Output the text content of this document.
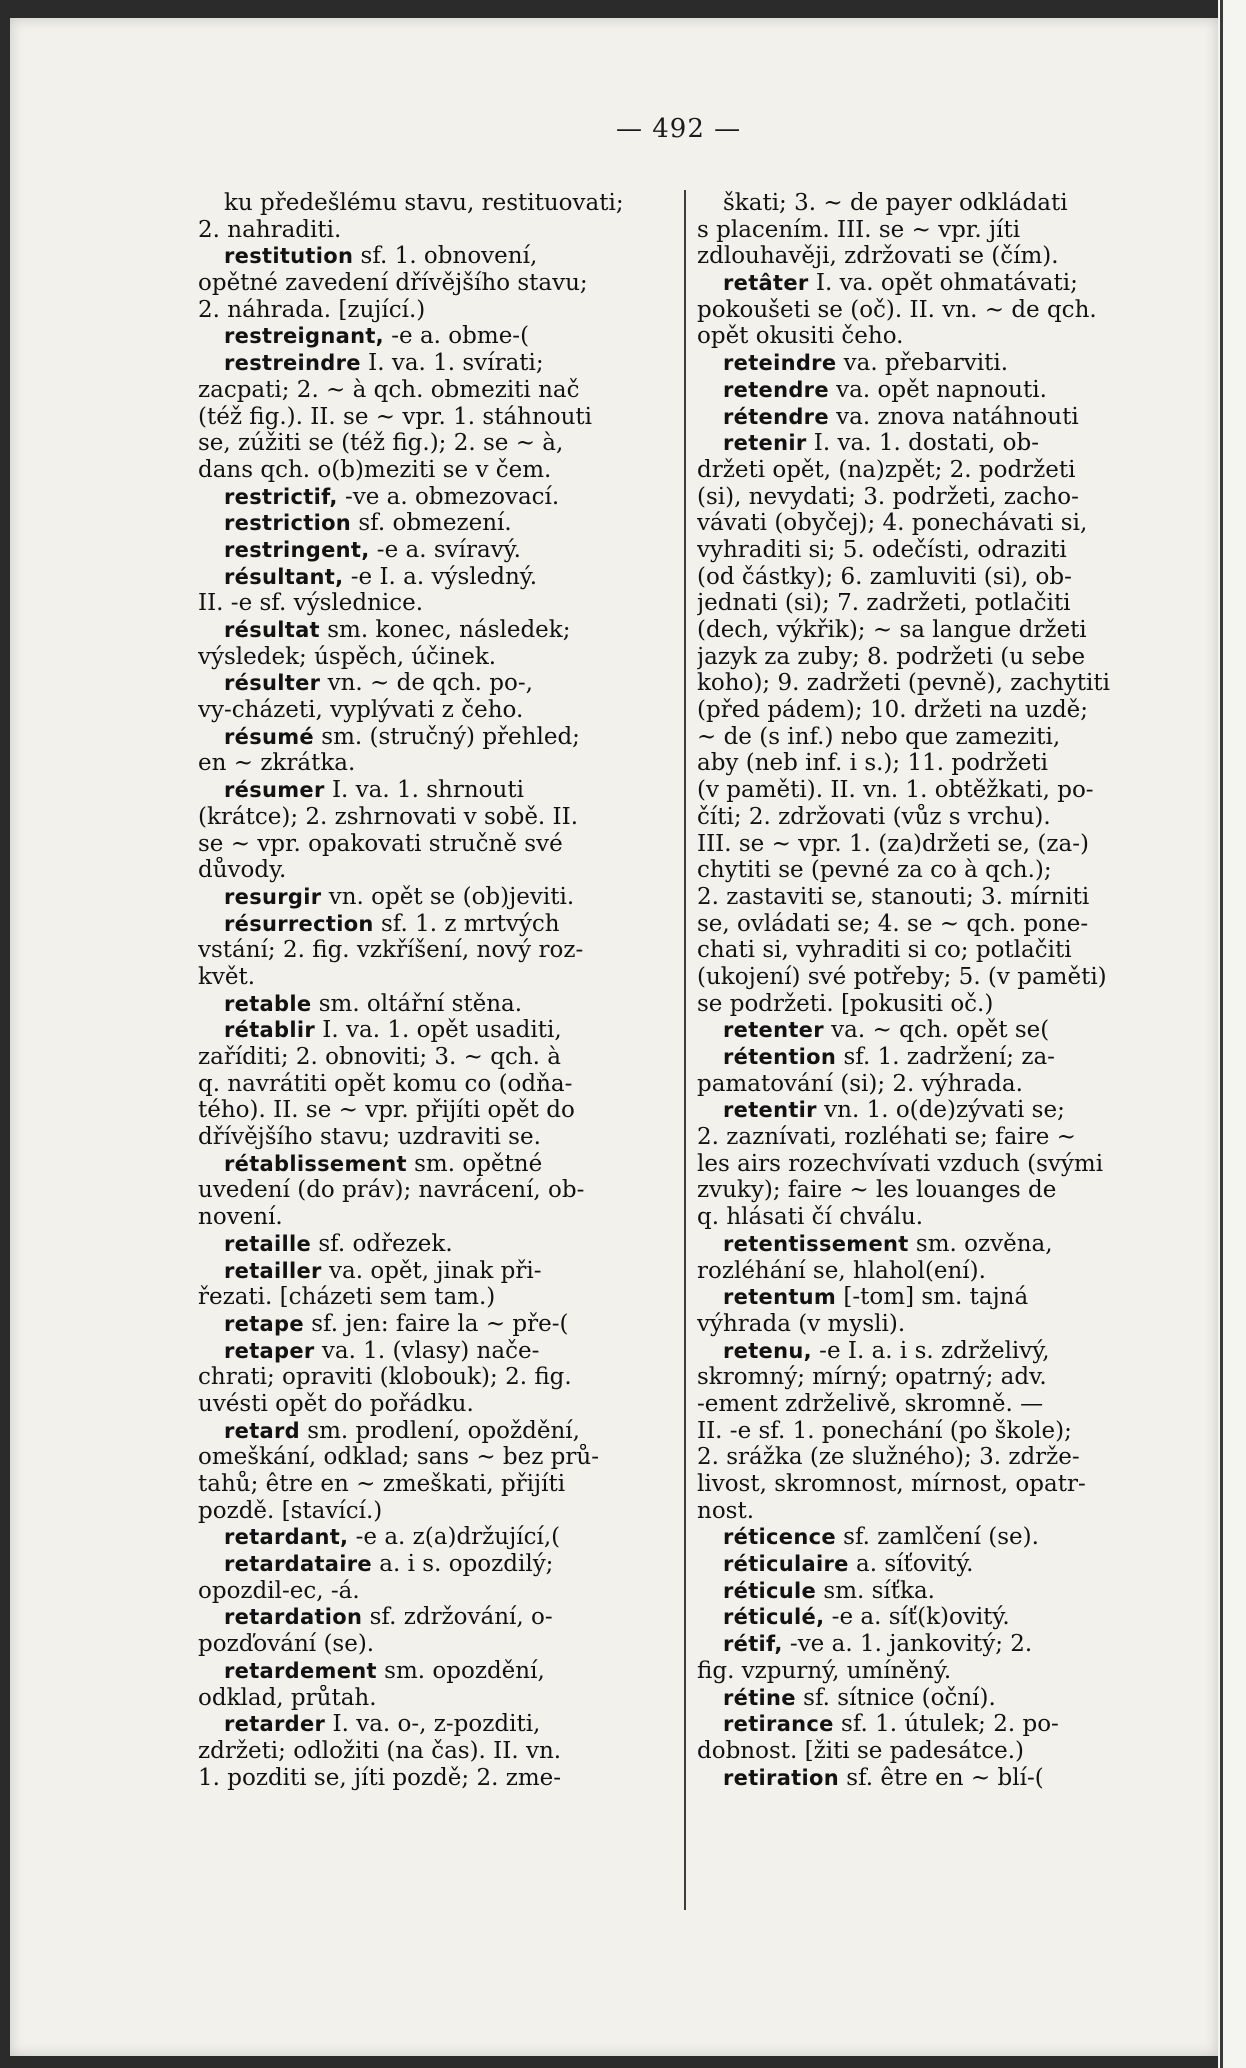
— 492 —
ku předešlému stavu, restituovati;
2. nahraditi.
restitution sf. 1. obnovení,
opětné zavedení dřívějšího stavu;
2. náhrada. [zující.)
restreignant, -e a. obme-(
restreindre I. va. 1. svírati;
zacpati; 2. ~ à qch. obmeziti nač
(též fig.). II. se ~ vpr. 1. stáhnouti
se, zúžiti se (též fig.); 2. se ~ à,
dans qch. o(b)meziti se v čem.
restrictif, -ve a. obmezovací.
restriction sf. obmezení.
restringent, -e a. svíravý.
résultant, -e I. a. výsledný.
II. -e sf. výslednice.
résultat sm. konec, následek;
výsledek; úspěch, účinek.
résulter vn. ~ de qch. po-,
vy-cházeti, vyplývati z čeho.
résumé sm. (stručný) přehled;
en ~ zkrátka.
résumer I. va. 1. shrnouti
(krátce); 2. zshrnovati v sobě. II.
se ~ vpr. opakovati stručně své
důvody.
resurgir vn. opět se (ob)jeviti.
résurrection sf. 1. z mrtvých
vstání; 2. fig. vzkříšení, nový roz-
květ.
retable sm. oltářní stěna.
rétablir I. va. 1. opět usaditi,
zaříditi; 2. obnoviti; 3. ~ qch. à
q. navrátiti opět komu co (odňa-
tého). II. se ~ vpr. přijíti opět do
dřívějšího stavu; uzdraviti se.
rétablissement sm. opětné
uvedení (do práv); navrácení, ob-
novení.
retaille sf. odřezek.
retailler va. opět, jinak při-
řezati. [cházeti sem tam.)
retape sf. jen: faire la ~ pře-(
retaper va. 1. (vlasy) nače-
chrati; opraviti (klobouk); 2. fig.
uvésti opět do pořádku.
retard sm. prodlení, opoždění,
omeškání, odklad; sans ~ bez prů-
tahů; être en ~ zmeškati, přijíti
pozdě. [stavící.)
retardant, -e a. z(a)držující,(
retardataire a. i s. opozdilý;
opozdil-ec, -á.
retardation sf. zdržování, o-
pozďování (se).
retardement sm. opozdění,
odklad, průtah.
retarder I. va. o-, z-pozditi,
zdržeti; odložiti (na čas). II. vn.
1. pozditi se, jíti pozdě; 2. zme-
škati; 3. ~ de payer odkládati
s placením. III. se ~ vpr. jíti
zdlouhavěji, zdržovati se (čím).
retâter I. va. opět ohmatávati;
pokoušeti se (oč). II. vn. ~ de qch.
opět okusiti čeho.
reteindre va. přebarviti.
retendre va. opět napnouti.
rétendre va. znova natáhnouti
retenir I. va. 1. dostati, ob-
držeti opět, (na)zpět; 2. podržeti
(si), nevydati; 3. podržeti, zacho-
vávati (obyčej); 4. ponechávati si,
vyhraditi si; 5. odečísti, odraziti
(od částky); 6. zamluviti (si), ob-
jednati (si); 7. zadržeti, potlačiti
(dech, výkřik); ~ sa langue držeti
jazyk za zuby; 8. podržeti (u sebe
koho); 9. zadržeti (pevně), zachytiti
(před pádem); 10. držeti na uzdě;
~ de (s inf.) nebo que zameziti,
aby (neb inf. i s.); 11. podržeti
(v paměti). II. vn. 1. obtěžkati, po-
číti; 2. zdržovati (vůz s vrchu).
III. se ~ vpr. 1. (za)držeti se, (za-)
chytiti se (pevné za co à qch.);
2. zastaviti se, stanouti; 3. mírniti
se, ovládati se; 4. se ~ qch. pone-
chati si, vyhraditi si co; potlačiti
(ukojení) své potřeby; 5. (v paměti)
se podržeti. [pokusiti oč.)
retenter va. ~ qch. opět se(
rétention sf. 1. zadržení; za-
pamatování (si); 2. výhrada.
retentir vn. 1. o(de)zývati se;
2. zaznívati, rozléhati se; faire ~
les airs rozechvívati vzduch (svými
zvuky); faire ~ les louanges de
q. hlásati čí chválu.
retentissement sm. ozvěna,
rozléhání se, hlahol(ení).
retentum [-tom] sm. tajná
výhrada (v mysli).
retenu, -e I. a. i s. zdrželivý,
skromný; mírný; opatrný; adv.
-ement zdrželivě, skromně. —
II. -e sf. 1. ponechání (po škole);
2. srážka (ze služného); 3. zdrže-
livost, skromnost, mírnost, opatr-
nost.
réticence sf. zamlčení (se).
réticulaire a. síťovitý.
réticule sm. síťka.
réticulé, -e a. síť(k)ovitý.
rétif, -ve a. 1. jankovitý; 2.
fig. vzpurný, umíněný.
rétine sf. sítnice (oční).
retirance sf. 1. útulek; 2. po-
dobnost. [žiti se padesátce.)
retiration sf. être en ~ blí-(
